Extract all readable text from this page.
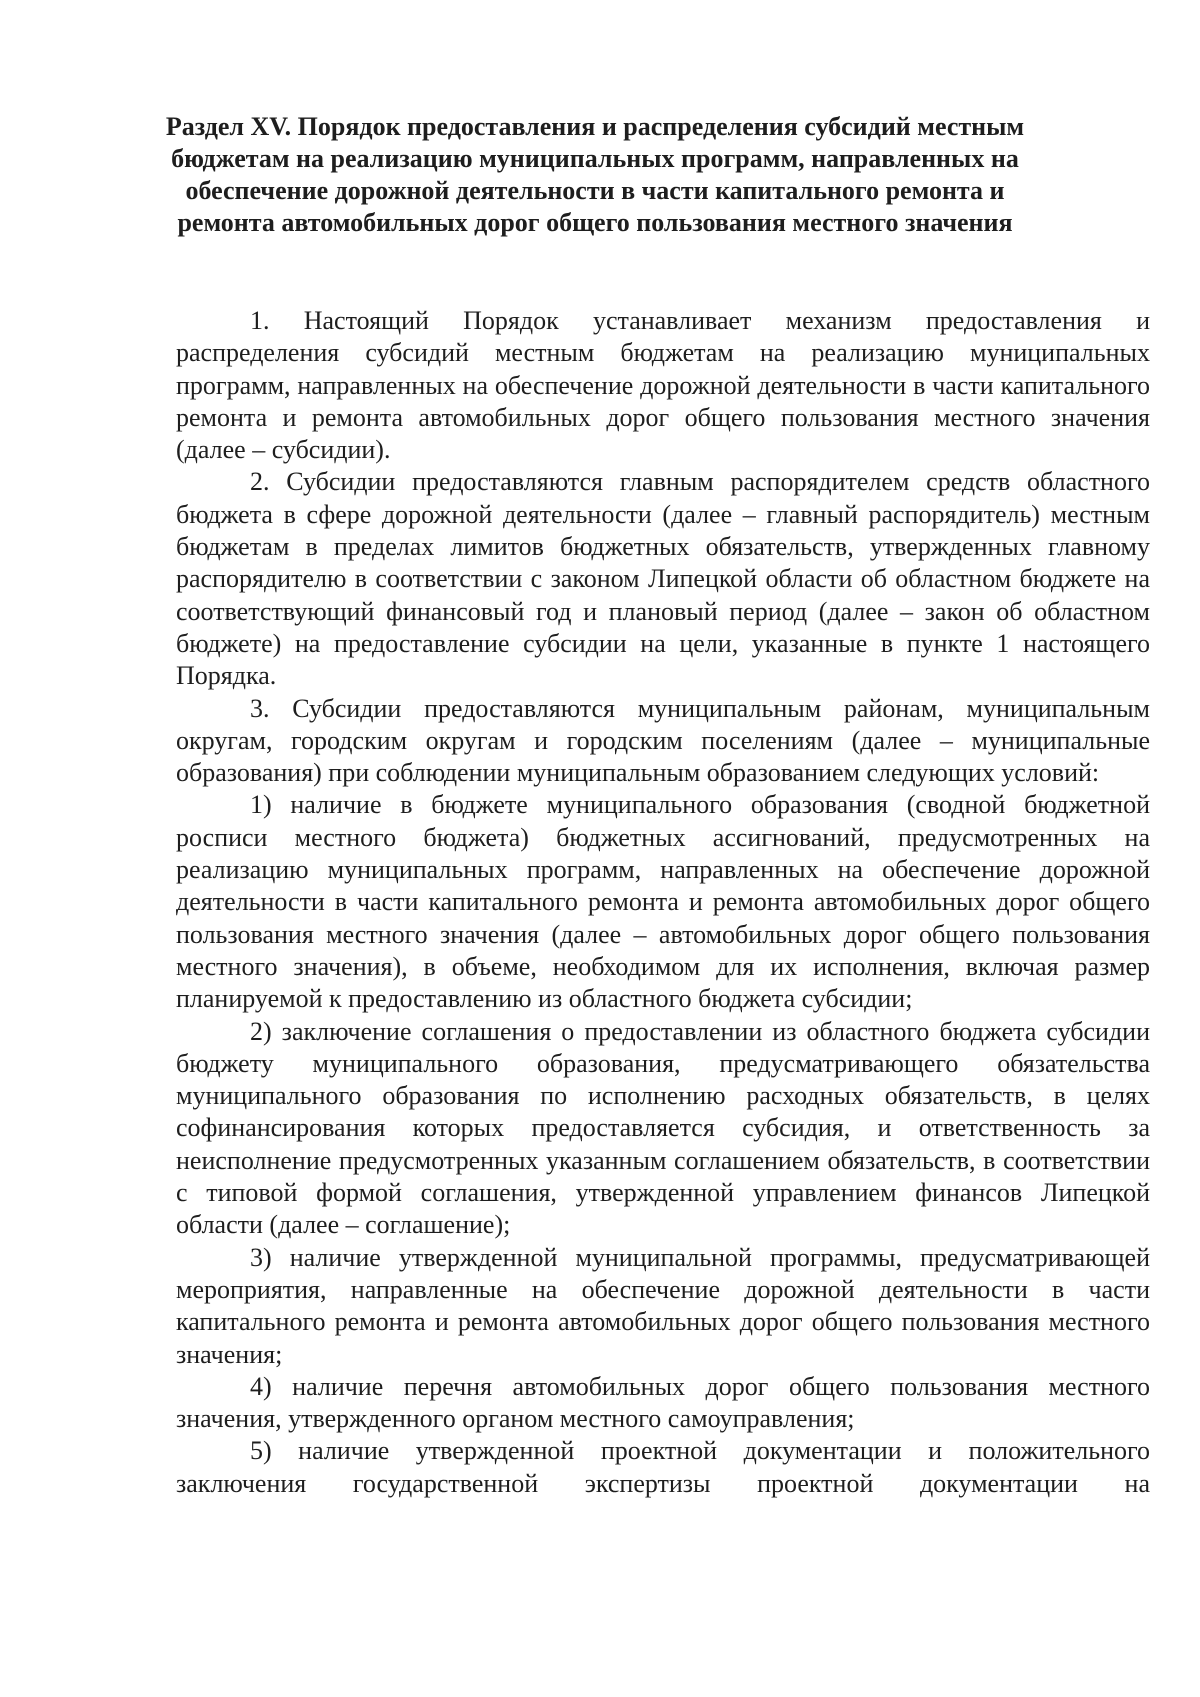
Раздел XV. Порядок предоставления и распределения субсидий местным бюджетам на реализацию муниципальных программ, направленных на обеспечение дорожной деятельности в части капитального ремонта и ремонта автомобильных дорог общего пользования местного значения

1. Настоящий Порядок устанавливает механизм предоставления и распределения субсидий местным бюджетам на реализацию муниципальных программ, направленных на обеспечение дорожной деятельности в части капитального ремонта и ремонта автомобильных дорог общего пользования местного значения (далее – субсидии).

2. Субсидии предоставляются главным распорядителем средств областного бюджета в сфере дорожной деятельности (далее – главный распорядитель) местным бюджетам в пределах лимитов бюджетных обязательств, утвержденных главному распорядителю в соответствии с законом Липецкой области об областном бюджете на соответствующий финансовый год и плановый период (далее – закон об областном бюджете) на предоставление субсидии на цели, указанные в пункте 1 настоящего Порядка.

3. Субсидии предоставляются муниципальным районам, муниципальным округам, городским округам и городским поселениям (далее – муниципальные образования) при соблюдении муниципальным образованием следующих условий:

1) наличие в бюджете муниципального образования (сводной бюджетной росписи местного бюджета) бюджетных ассигнований, предусмотренных на реализацию муниципальных программ, направленных на обеспечение дорожной деятельности в части капитального ремонта и ремонта автомобильных дорог общего пользования местного значения (далее – автомобильных дорог общего пользования местного значения), в объеме, необходимом для их исполнения, включая размер планируемой к предоставлению из областного бюджета субсидии;

2) заключение соглашения о предоставлении из областного бюджета субсидии бюджету муниципального образования, предусматривающего обязательства муниципального образования по исполнению расходных обязательств, в целях софинансирования которых предоставляется субсидия, и ответственность за неисполнение предусмотренных указанным соглашением обязательств, в соответствии с типовой формой соглашения, утвержденной управлением финансов Липецкой области (далее – соглашение);

3) наличие утвержденной муниципальной программы, предусматривающей мероприятия, направленные на обеспечение дорожной деятельности в части капитального ремонта и ремонта автомобильных дорог общего пользования местного значения;

4) наличие перечня автомобильных дорог общего пользования местного значения, утвержденного органом местного самоуправления;

5) наличие утвержденной проектной документации и положительного заключения государственной экспертизы проектной документации на
